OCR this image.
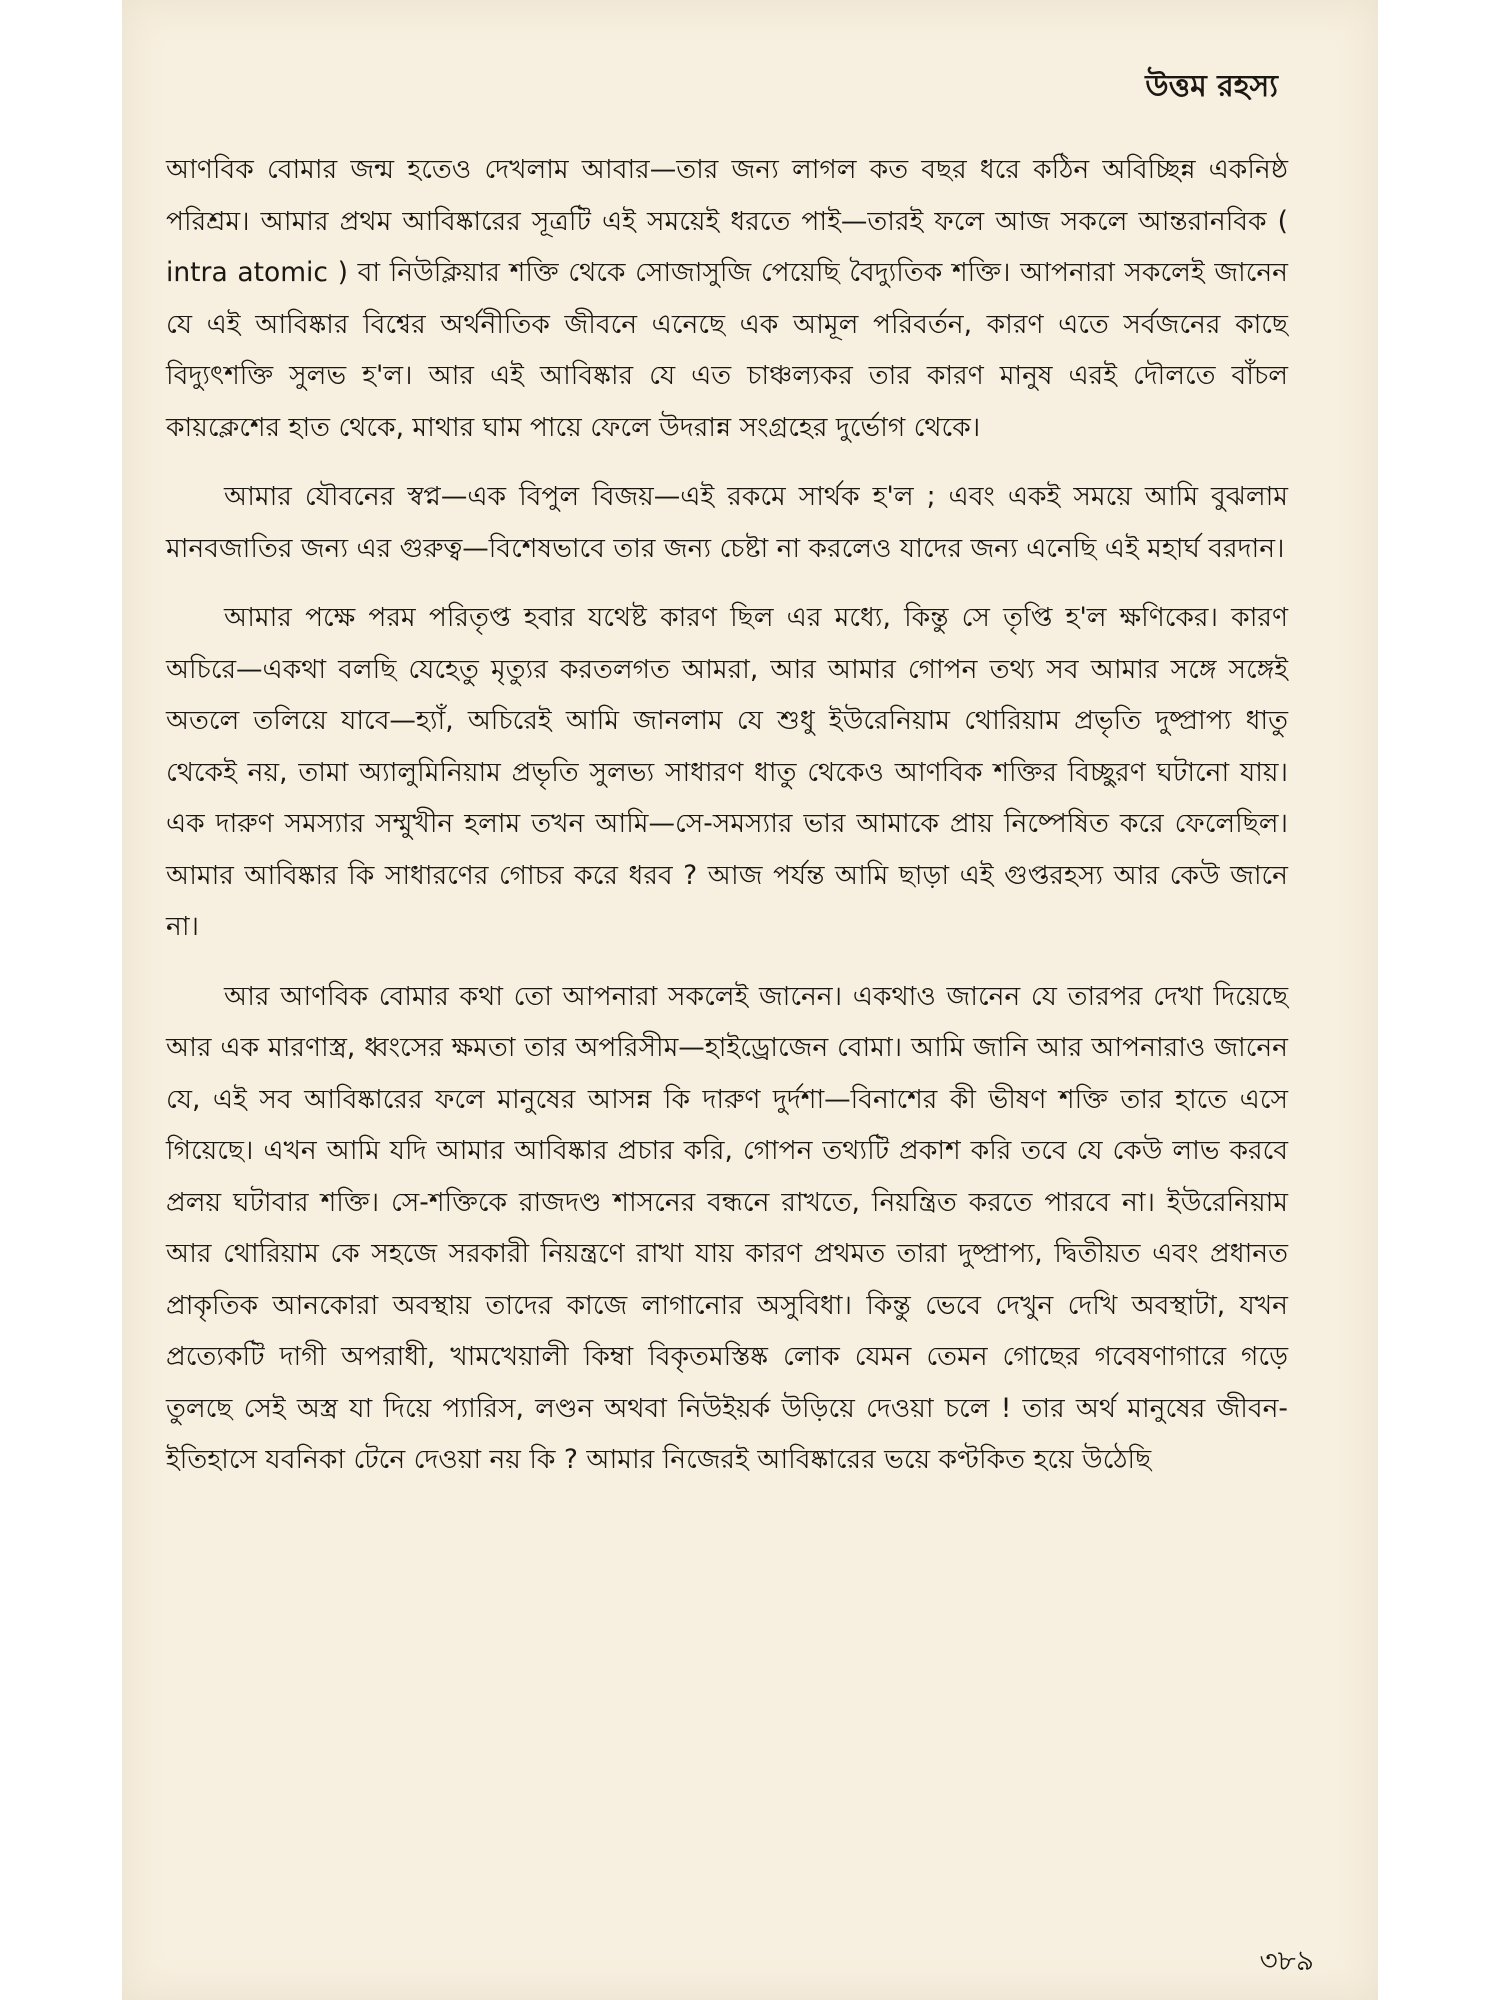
উত্তম রহস্য

আণবিক বোমার জন্ম হতেও দেখলাম আবার—তার জন্য লাগল কত বছর ধরে কঠিন অবিচ্ছিন্ন একনিষ্ঠ পরিশ্রম। আমার প্রথম আবিষ্কারের সূত্রটি এই সময়েই ধরতে পাই—তারই ফলে আজ সকলে আন্তরানবিক ( intra atomic ) বা নিউক্লিয়ার শক্তি থেকে সোজাসুজি পেয়েছি বৈদ্যুতিক শক্তি। আপনারা সকলেই জানেন যে এই আবিষ্কার বিশ্বের অর্থনীতিক জীবনে এনেছে এক আমূল পরিবর্তন, কারণ এতে সর্বজনের কাছে বিদ্যুৎশক্তি সুলভ হ'ল। আর এই আবিষ্কার যে এত চাঞ্চল্যকর তার কারণ মানুষ এরই দৌলতে বাঁচল কায়ক্লেশের হাত থেকে, মাথার ঘাম পায়ে ফেলে উদরান্ন সংগ্রহের দুর্ভোগ থেকে।

আমার যৌবনের স্বপ্ন—এক বিপুল বিজয়—এই রকমে সার্থক হ'ল ; এবং একই সময়ে আমি বুঝলাম মানবজাতির জন্য এর গুরুত্ব—বিশেষভাবে তার জন্য চেষ্টা না করলেও যাদের জন্য এনেছি এই মহার্ঘ বরদান।

আমার পক্ষে পরম পরিতৃপ্ত হবার যথেষ্ট কারণ ছিল এর মধ্যে, কিন্তু সে তৃপ্তি হ'ল ক্ষণিকের। কারণ অচিরে—একথা বলছি যেহেতু মৃত্যুর করতলগত আমরা, আর আমার গোপন তথ্য সব আমার সঙ্গে সঙ্গেই অতলে তলিয়ে যাবে—হ্যাঁ, অচিরেই আমি জানলাম যে শুধু ইউরেনিয়াম থোরিয়াম প্রভৃতি দুষ্প্রাপ্য ধাতু থেকেই নয়, তামা অ্যালুমিনিয়াম প্রভৃতি সুলভ্য সাধারণ ধাতু থেকেও আণবিক শক্তির বিচ্ছুরণ ঘটানো যায়। এক দারুণ সমস্যার সম্মুখীন হলাম তখন আমি—সে-সমস্যার ভার আমাকে প্রায় নিষ্পেষিত করে ফেলেছিল। আমার আবিষ্কার কি সাধারণের গোচর করে ধরব ? আজ পর্যন্ত আমি ছাড়া এই গুপ্তরহস্য আর কেউ জানে না।

আর আণবিক বোমার কথা তো আপনারা সকলেই জানেন। একথাও জানেন যে তারপর দেখা দিয়েছে আর এক মারণাস্ত্র, ধ্বংসের ক্ষমতা তার অপরিসীম—হাইড্রোজেন বোমা। আমি জানি আর আপনারাও জানেন যে, এই সব আবিষ্কারের ফলে মানুষের আসন্ন কি দারুণ দুর্দশা—বিনাশের কী ভীষণ শক্তি তার হাতে এসে গিয়েছে। এখন আমি যদি আমার আবিষ্কার প্রচার করি, গোপন তথ্যটি প্রকাশ করি তবে যে কেউ লাভ করবে প্রলয় ঘটাবার শক্তি। সে-শক্তিকে রাজদণ্ড শাসনের বন্ধনে রাখতে, নিয়ন্ত্রিত করতে পারবে না। ইউরেনিয়াম আর থোরিয়াম কে সহজে সরকারী নিয়ন্ত্রণে রাখা যায় কারণ প্রথমত তারা দুষ্প্রাপ্য, দ্বিতীয়ত এবং প্রধানত প্রাকৃতিক আনকোরা অবস্থায় তাদের কাজে লাগানোর অসুবিধা। কিন্তু ভেবে দেখুন দেখি অবস্থাটা, যখন প্রত্যেকটি দাগী অপরাধী, খামখেয়ালী কিম্বা বিকৃতমস্তিষ্ক লোক যেমন তেমন গোছের গবেষণাগারে গড়ে তুলছে সেই অস্ত্র যা দিয়ে প্যারিস, লণ্ডন অথবা নিউইয়র্ক উড়িয়ে দেওয়া চলে ! তার অর্থ মানুষের জীবন-ইতিহাসে যবনিকা টেনে দেওয়া নয় কি ? আমার নিজেরই আবিষ্কারের ভয়ে কণ্টকিত হয়ে উঠেছি

৩৮৯
